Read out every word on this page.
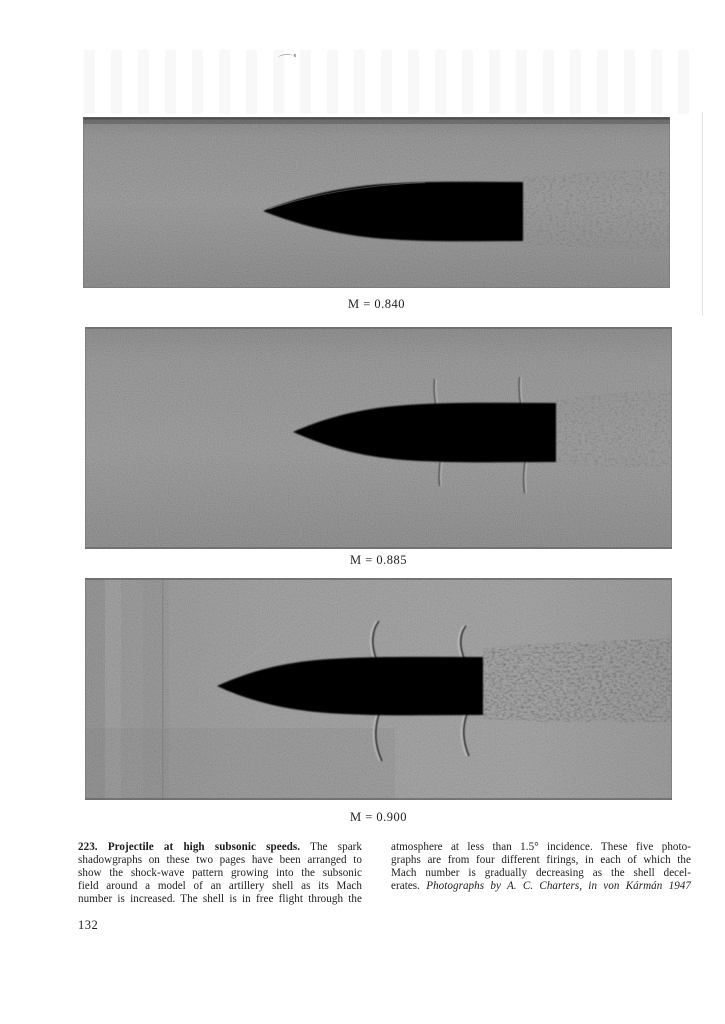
M = 0.840
M = 0.885
M = 0.900
223. Projectile at high subsonic speeds. The spark
shadowgraphs on these two pages have been arranged to
show the shock-wave pattern growing into the subsonic
field around a model of an artillery shell as its Mach
number is increased. The shell is in free flight through the
atmosphere at less than 1.5° incidence. These five photo-
graphs are from four different firings, in each of which the
Mach number is gradually decreasing as the shell decel-
erates. Photographs by A. C. Charters, in von Kármán 1947
132
